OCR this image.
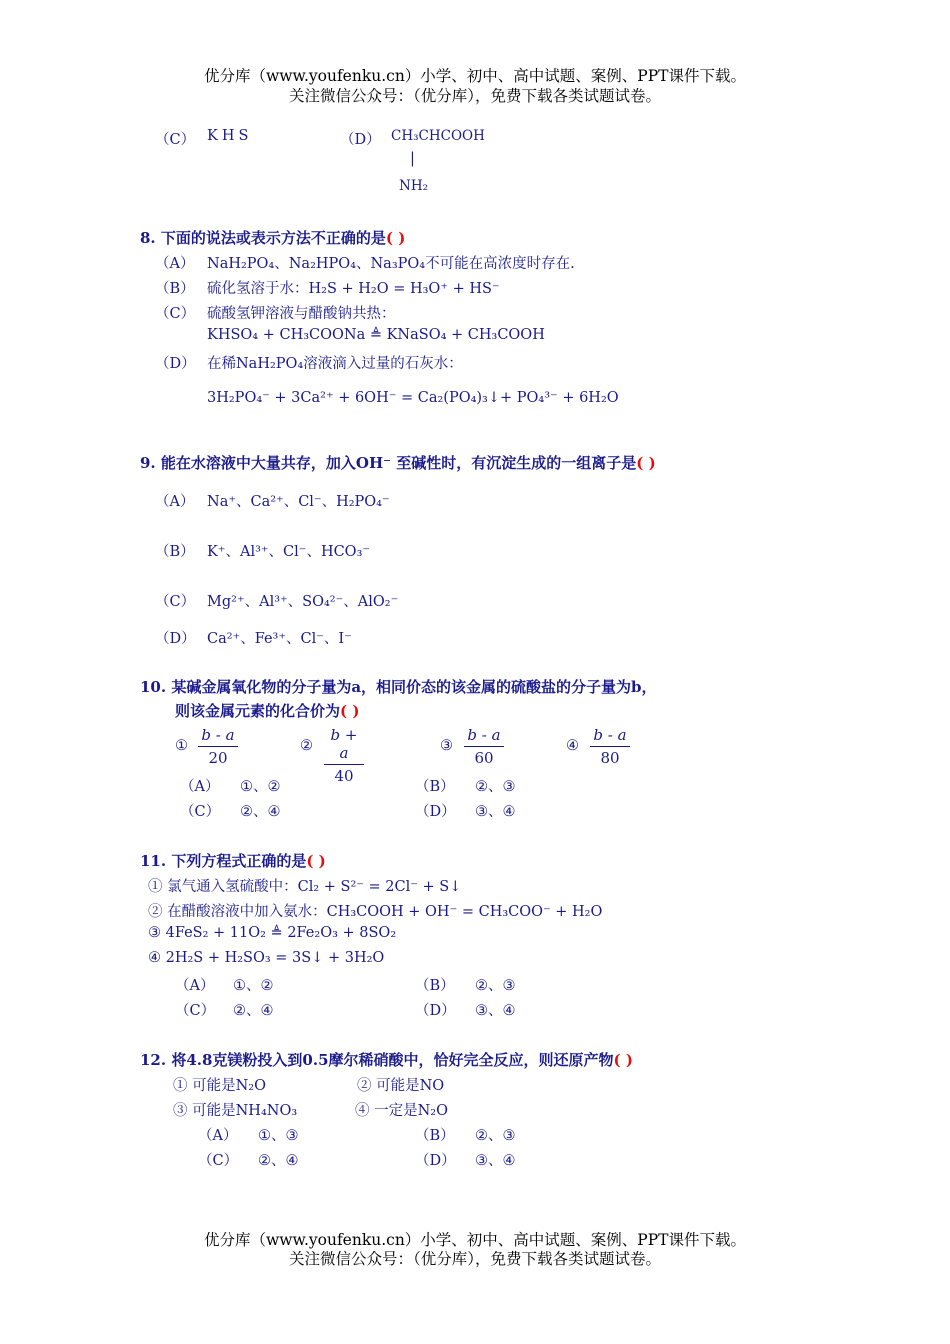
优分库（www.youfenku.cn）小学、初中、高中试题、案例、PPT课件下载。
关注微信公众号：（优分库），免费下载各类试题试卷。
（C） KHS	（D） CH₃CHCOOH
|
NH₂
8. 下面的说法或表示方法不正确的是( )
（A） NaH₂PO₄、Na₂HPO₄、Na₃PO₄不可能在高浓度时存在.
（B） 硫化氢溶于水：H₂S + H₂O = H₃O⁺ + HS⁻
（C） 硫酸氢钾溶液与醋酸钠共热：
KHSO₄ + CH₃COONa ≜ KNaSO₄ + CH₃COOH
（D） 在稀NaH₂PO₄溶液滴入过量的石灰水：
3H₂PO₄⁻ + 3Ca²⁺ + 6OH⁻ = Ca₂(PO₄)₃↓+ PO₄³⁻ + 6H₂O
9. 能在水溶液中大量共存，加入OH⁻ 至碱性时，有沉淀生成的一组离子是( )
（A） Na⁺、Ca²⁺、Cl⁻、H₂PO₄⁻
（B） K⁺、Al³⁺、Cl⁻、HCO₃⁻
（C） Mg²⁺、Al³⁺、SO₄²⁻、AlO₂⁻
（D） Ca²⁺、Fe³⁺、Cl⁻、I⁻
10. 某碱金属氧化物的分子量为a，相同价态的该金属的硫酸盐的分子量为b，
则该金属元素的化合价为( )
① $\frac{b - a}{20}$	② $\frac{b + a}{40}$	③ $\frac{b - a}{60}$	④ $\frac{b - a}{80}$
（A） ①、②	（B） ②、③
（C） ②、④	（D） ③、④
11. 下列方程式正确的是( )
① 氯气通入氢硫酸中：Cl₂ + S²⁻ = 2Cl⁻ + S↓
② 在醋酸溶液中加入氨水：CH₃COOH + OH⁻ = CH₃COO⁻ + H₂O
③ 4FeS₂ + 11O₂ ≜ 2Fe₂O₃ + 8SO₂
④ 2H₂S + H₂SO₃ = 3S↓ + 3H₂O
（A） ①、②	（B） ②、③
（C） ②、④	（D） ③、④
12. 将4.8克镁粉投入到0.5摩尔稀硝酸中，恰好完全反应，则还原产物( )
① 可能是N₂O	② 可能是NO
③ 可能是NH₄NO₃	④ 一定是N₂O
（A） ①、③	（B） ②、③
（C） ②、④	（D） ③、④
优分库（www.youfenku.cn）小学、初中、高中试题、案例、PPT课件下载。
关注微信公众号：（优分库），免费下载各类试题试卷。
